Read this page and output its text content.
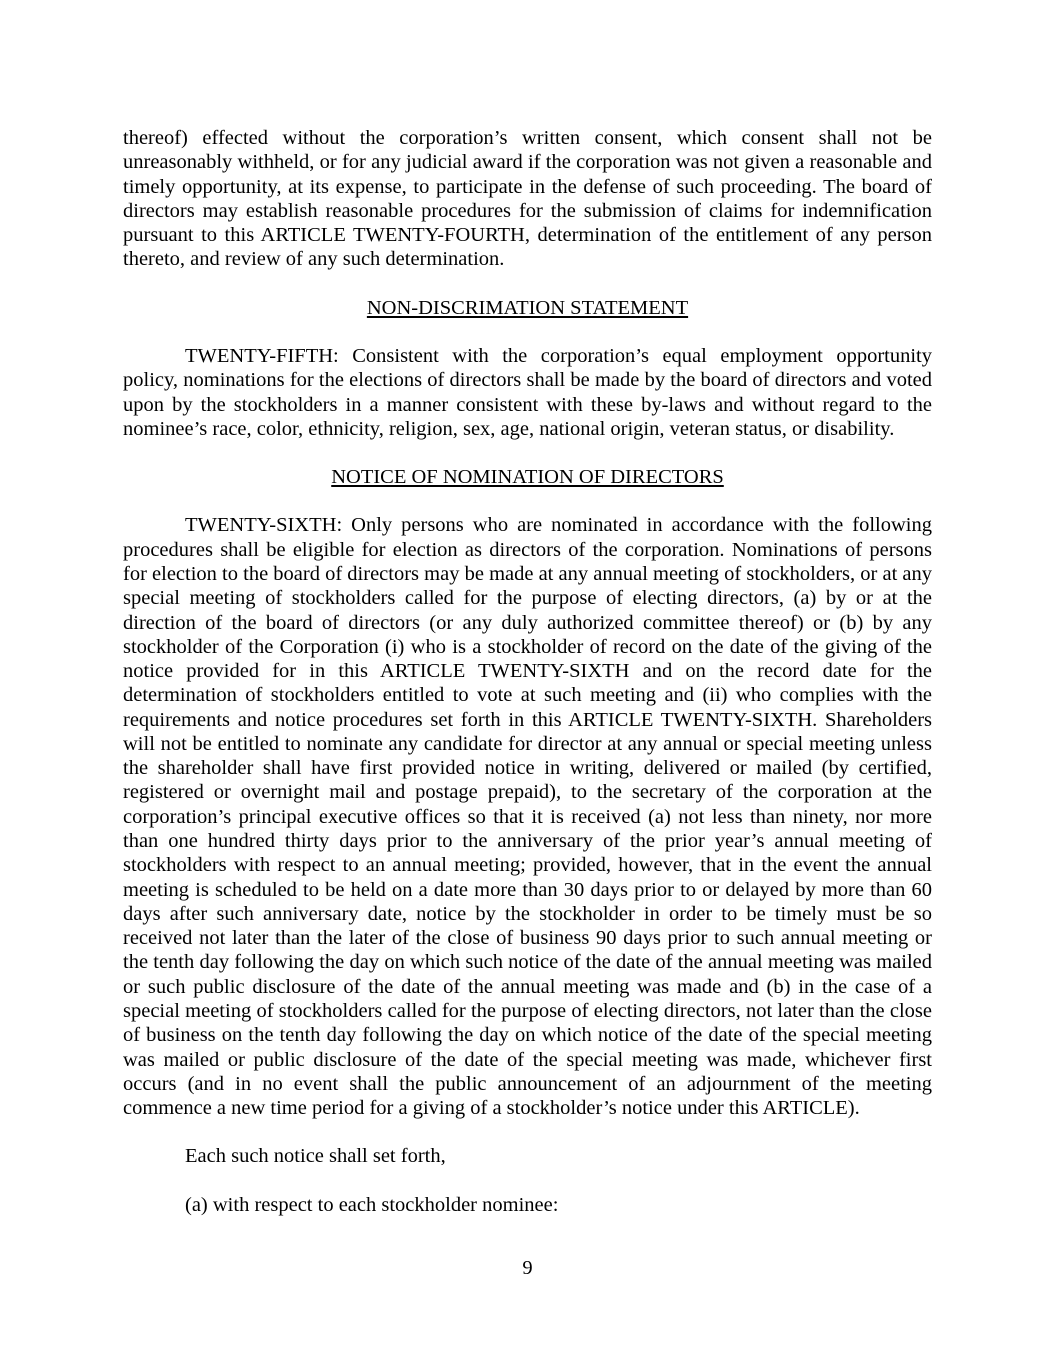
thereof) effected without the corporation’s written consent, which consent shall not be unreasonably withheld, or for any judicial award if the corporation was not given a reasonable and timely opportunity, at its expense, to participate in the defense of such proceeding. The board of directors may establish reasonable procedures for the submission of claims for indemnification pursuant to this ARTICLE TWENTY-FOURTH, determination of the entitlement of any person thereto, and review of any such determination.

NON-DISCRIMATION STATEMENT

TWENTY-FIFTH: Consistent with the corporation’s equal employment opportunity policy, nominations for the elections of directors shall be made by the board of directors and voted upon by the stockholders in a manner consistent with these by-laws and without regard to the nominee’s race, color, ethnicity, religion, sex, age, national origin, veteran status, or disability.

NOTICE OF NOMINATION OF DIRECTORS

TWENTY-SIXTH: Only persons who are nominated in accordance with the following procedures shall be eligible for election as directors of the corporation. Nominations of persons for election to the board of directors may be made at any annual meeting of stockholders, or at any special meeting of stockholders called for the purpose of electing directors, (a) by or at the direction of the board of directors (or any duly authorized committee thereof) or (b) by any stockholder of the Corporation (i) who is a stockholder of record on the date of the giving of the notice provided for in this ARTICLE TWENTY-SIXTH and on the record date for the determination of stockholders entitled to vote at such meeting and (ii) who complies with the requirements and notice procedures set forth in this ARTICLE TWENTY-SIXTH. Shareholders will not be entitled to nominate any candidate for director at any annual or special meeting unless the shareholder shall have first provided notice in writing, delivered or mailed (by certified, registered or overnight mail and postage prepaid), to the secretary of the corporation at the corporation’s principal executive offices so that it is received (a) not less than ninety, nor more than one hundred thirty days prior to the anniversary of the prior year’s annual meeting of stockholders with respect to an annual meeting; provided, however, that in the event the annual meeting is scheduled to be held on a date more than 30 days prior to or delayed by more than 60 days after such anniversary date, notice by the stockholder in order to be timely must be so received not later than the later of the close of business 90 days prior to such annual meeting or the tenth day following the day on which such notice of the date of the annual meeting was mailed or such public disclosure of the date of the annual meeting was made and (b) in the case of a special meeting of stockholders called for the purpose of electing directors, not later than the close of business on the tenth day following the day on which notice of the date of the special meeting was mailed or public disclosure of the date of the special meeting was made, whichever first occurs (and in no event shall the public announcement of an adjournment of the meeting commence a new time period for a giving of a stockholder’s notice under this ARTICLE).

Each such notice shall set forth,

(a) with respect to each stockholder nominee:

9
